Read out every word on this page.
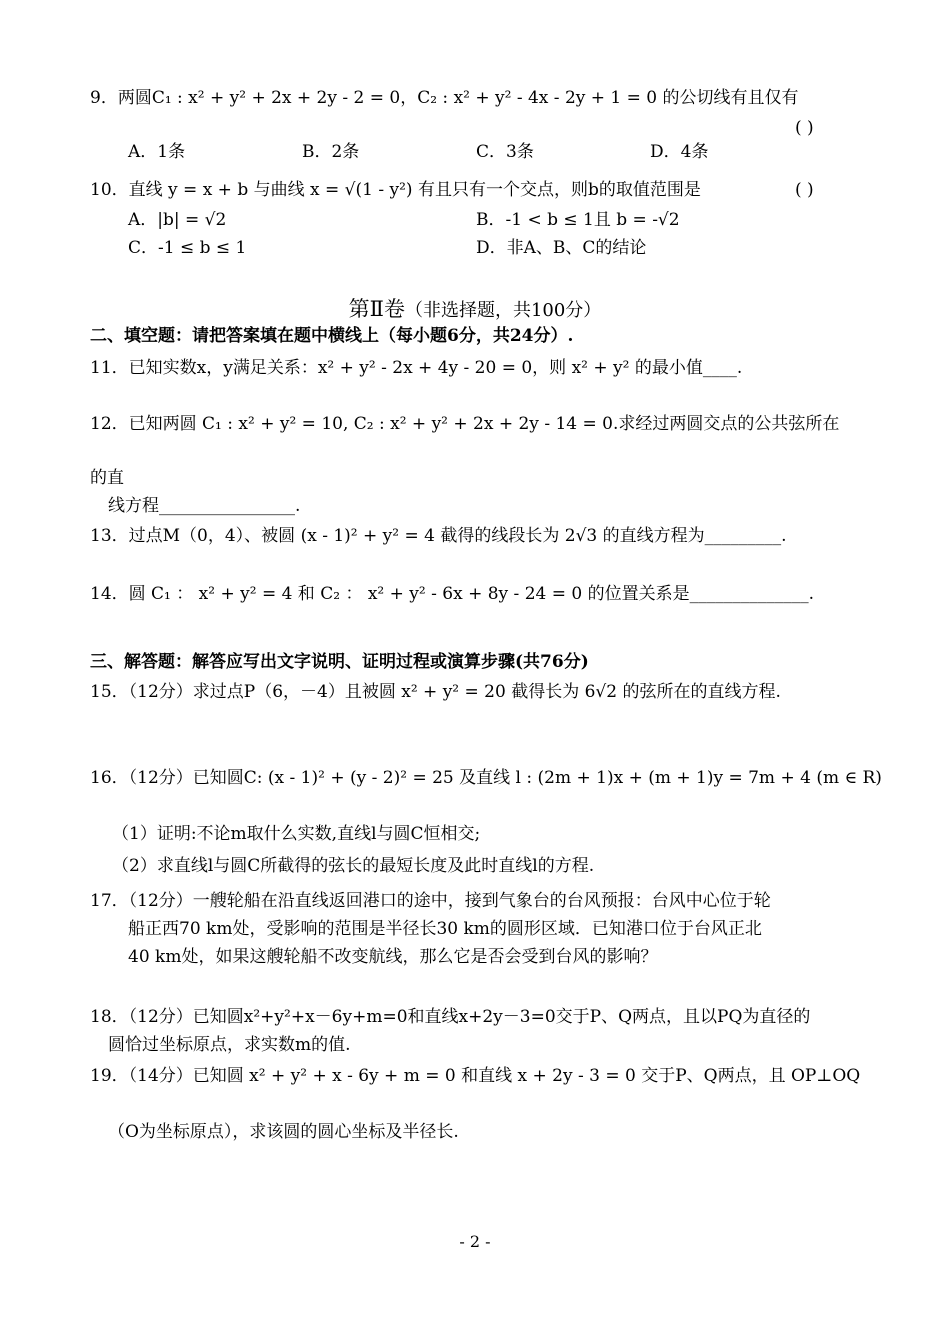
9．两圆C₁ : x² + y² + 2x + 2y - 2 = 0，C₂ : x² + y² - 4x - 2y + 1 = 0 的公切线有且仅有
( )
A．1条	B．2条	C．3条	D．4条
10．直线 y = x + b 与曲线 x = √(1 - y²) 有且只有一个交点，则b的取值范围是	( )
A．|b| = √2	B．-1 < b ≤ 1且 b = -√2
C．-1 ≤ b ≤ 1	D．非A、B、C的结论
第Ⅱ卷（非选择题，共100分）
二、填空题：请把答案填在题中横线上（每小题6分，共24分）.
11．已知实数x，y满足关系：x² + y² - 2x + 4y - 20 = 0，则 x² + y² 的最小值____.
12．已知两圆 C₁ : x² + y² = 10, C₂ : x² + y² + 2x + 2y - 14 = 0.求经过两圆交点的公共弦所在
的直
线方程________________.
13．过点M（0，4）、被圆 (x - 1)² + y² = 4 截得的线段长为 2√3 的直线方程为_________.
14．圆 C₁ ： x² + y² = 4 和 C₂ ： x² + y² - 6x + 8y - 24 = 0 的位置关系是______________.
三、解答题：解答应写出文字说明、证明过程或演算步骤(共76分)
15．（12分）求过点P（6，－4）且被圆 x² + y² = 20 截得长为 6√2 的弦所在的直线方程.
16．（12分）已知圆C: (x - 1)² + (y - 2)² = 25 及直线 l : (2m + 1)x + (m + 1)y = 7m + 4 (m ∈ R)
（1）证明:不论m取什么实数,直线l与圆C恒相交;
（2）求直线l与圆C所截得的弦长的最短长度及此时直线l的方程.
17．（12分）一艘轮船在沿直线返回港口的途中，接到气象台的台风预报：台风中心位于轮
船正西70 km处，受影响的范围是半径长30 km的圆形区域．已知港口位于台风正北
40 km处，如果这艘轮船不改变航线，那么它是否会受到台风的影响？
18．（12分）已知圆x²+y²+x－6y+m=0和直线x+2y－3=0交于P、Q两点，且以PQ为直径的
圆恰过坐标原点，求实数m的值.
19．（14分）已知圆 x² + y² + x - 6y + m = 0 和直线 x + 2y - 3 = 0 交于P、Q两点，且 OP⊥OQ
（O为坐标原点），求该圆的圆心坐标及半径长.
- 2 -
